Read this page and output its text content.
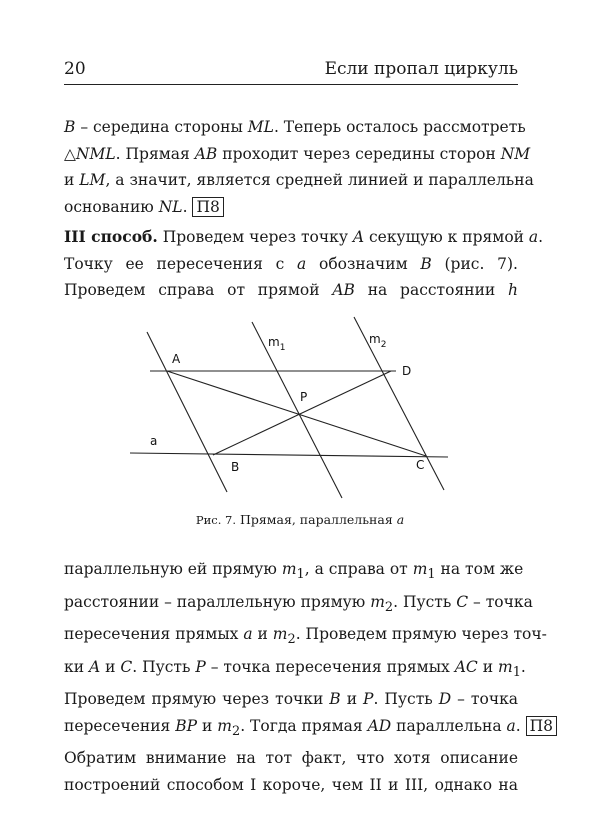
20	Если пропал циркуль
B – середина стороны ML. Теперь осталось рассмотреть
△NML. Прямая AB проходит через середины сторон NM
и LM, а значит, является средней линией и параллельна
основанию NL. П8
III способ. Проведем через точку A секущую к прямой a.
Точку ее пересечения с a обозначим B (рис. 7).
Проведем справа от прямой AB на расстоянии h
A
B	C
D
P
a
$m_1$
$m_2$
Рис. 7. Прямая, параллельная a
параллельную ей прямую $m_1$, а справа от $m_1$ на том же
расстоянии – параллельную прямую $m_2$. Пусть C – точка
пересечения прямых a и $m_2$. Проведем прямую через точ-
ки A и C. Пусть P – точка пересечения прямых AC и $m_1$.
Проведем прямую через точки B и P. Пусть D – точка
пересечения BP и $m_2$. Тогда прямая AD параллельна a. П8
Обратим внимание на тот факт, что хотя описание
построений способом I короче, чем II и III, однако на
